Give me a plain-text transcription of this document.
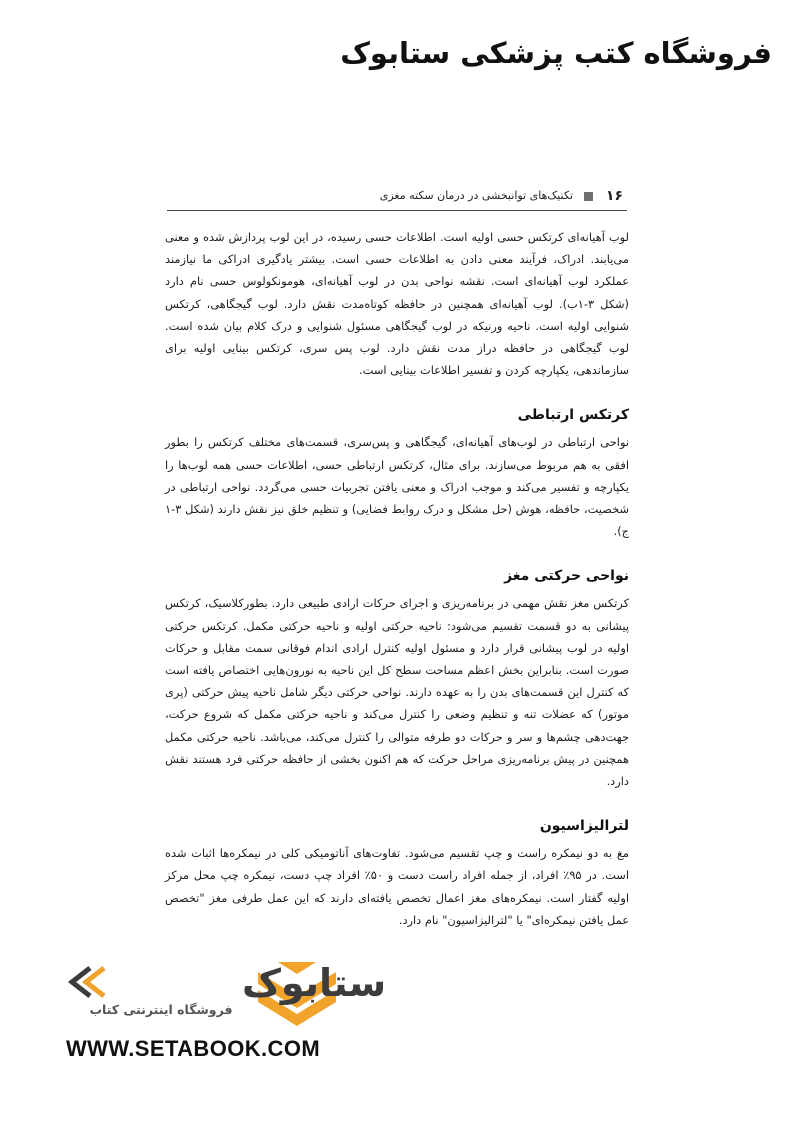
فروشگاه کتب پزشکی ستابوک
۱۶
تکنیک‌های توانبخشی در درمان سکته مغزی

لوب آهیانه‌ای کرتکس حسی اولیه است. اطلاعات حسی رسیده، در این لوب پردازش شده و معنی می‌یابند. ادراک، فرآیند معنی دادن به اطلاعات حسی است. بیشتر یادگیری ادراکی ما نیازمند عملکرد لوب آهیانه‌ای است. نقشه نواحی بدن در لوب آهیانه‌ای، هومونکولوس حسی نام دارد (شکل ۳-۱ب). لوب آهیانه‌ای همچنین در حافظه کوتاه‌مدت نقش دارد. لوب گیجگاهی، کرتکس شنوایی اولیه است. ناحیه ورنیکه در لوب گیجگاهی مسئول شنوایی و درک کلام بیان شده است. لوب گیجگاهی در حافظه دراز مدت نقش دارد. لوب پس سری، کرتکس بینایی اولیه برای سازماندهی، یکپارچه کردن و تفسیر اطلاعات بینایی است.

کرتکس ارتباطی

نواحی ارتباطی در لوب‌های آهیانه‌ای، گیجگاهی و پس‌سری، قسمت‌های مختلف کرتکس را بطور افقی به هم مربوط می‌سازند. برای مثال، کرتکس ارتباطی حسی، اطلاعات حسی همه لوب‌ها را یکپارچه و تفسیر می‌کند و موجب ادراک و معنی یافتن تجربیات حسی می‌گردد. نواحی ارتباطی در شخصیت، حافظه، هوش (حل مشکل و درک روابط فضایی) و تنظیم خلق نیز نقش دارند (شکل ۳-۱ ج).

نواحی حرکتی مغز

کرتکس مغز نقش مهمی در برنامه‌ریزی و اجرای حرکات ارادی طبیعی دارد. بطورکلاسیک، کرتکس پیشانی به دو قسمت تقسیم می‌شود: ناحیه حرکتی اولیه و ناحیه حرکتی مکمل. کرتکس حرکتی اولیه در لوب پیشانی قرار دارد و مسئول اولیه کنترل ارادی اندام فوقانی سمت مقابل و حرکات صورت است. بنابراین بخش اعظم مساحت سطح کل این ناحیه به نورون‌هایی اختصاص یافته است که کنترل این قسمت‌های بدن را به عهده دارند. نواحی حرکتی دیگر شامل ناحیه پیش حرکتی (پری موتور) که عضلات تنه و تنظیم وضعی را کنترل می‌کند و ناحیه حرکتی مکمل که شروع حرکت، جهت‌دهی چشم‌ها و سر و حرکات دو طرفه متوالی را کنترل می‌کند، می‌باشد. ناحیه حرکتی مکمل همچنین در پیش برنامه‌ریزی مراحل حرکت که هم اکنون بخشی از حافظه حرکتی فرد هستند نقش دارد.

لترالیزاسیون

مغ به دو نیمکره راست و چپ تقسیم می‌شود. تفاوت‌های آناتومیکی کلی در نیمکره‌ها اثبات شده است. در ۹۵٪ افراد، از جمله افراد راست دست و ۵۰٪ افراد چپ دست، نیمکره چپ محل مرکز اولیه گفتار است. نیمکره‌های مغز اعمال تخصص یافته‌ای دارند که این عمل طرفی مغز "تخصص عمل یافتن نیمکره‌ای" یا "لترالیزاسیون" نام دارد.

ستابوک
فروشگاه اینترنتی کتاب
WWW.SETABOOK.COM
